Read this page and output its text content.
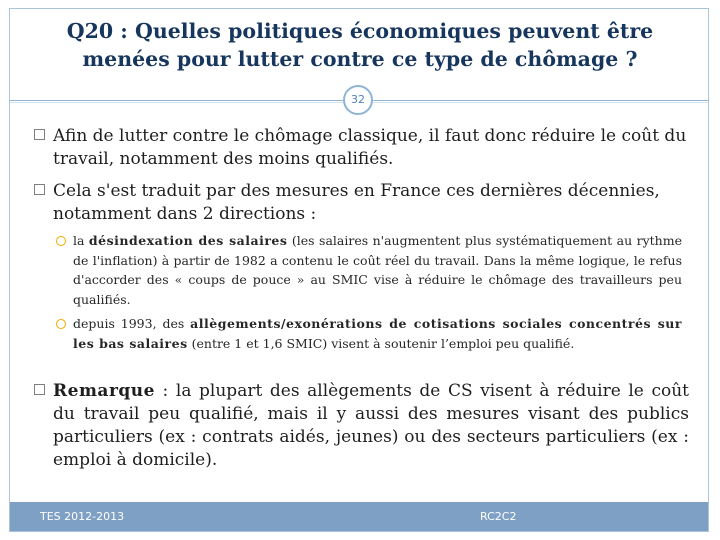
Q20 : Quelles politiques économiques peuvent être
menées pour lutter contre ce type de chômage ?
32
Afin de lutter contre le chômage classique, il faut donc réduire le coût du travail, notamment des moins qualifiés.
Cela s'est traduit par des mesures en France ces dernières décennies, notamment dans 2 directions :
la désindexation des salaires (les salaires n'augmentent plus systématiquement au rythme de l'inflation) à partir de 1982 a contenu le coût réel du travail. Dans la même logique, le refus d'accorder des « coups de pouce » au SMIC vise à réduire le chômage des travailleurs peu qualifiés.
depuis 1993, des allègements/exonérations de cotisations sociales concentrés sur les bas salaires (entre 1 et 1,6 SMIC) visent à soutenir l’emploi peu qualifié.
Remarque : la plupart des allègements de CS visent à réduire le coût du travail peu qualifié, mais il y aussi des mesures visant des publics particuliers (ex : contrats aidés, jeunes) ou des secteurs particuliers (ex : emploi à domicile).
TES 2012-2013	RC2C2
